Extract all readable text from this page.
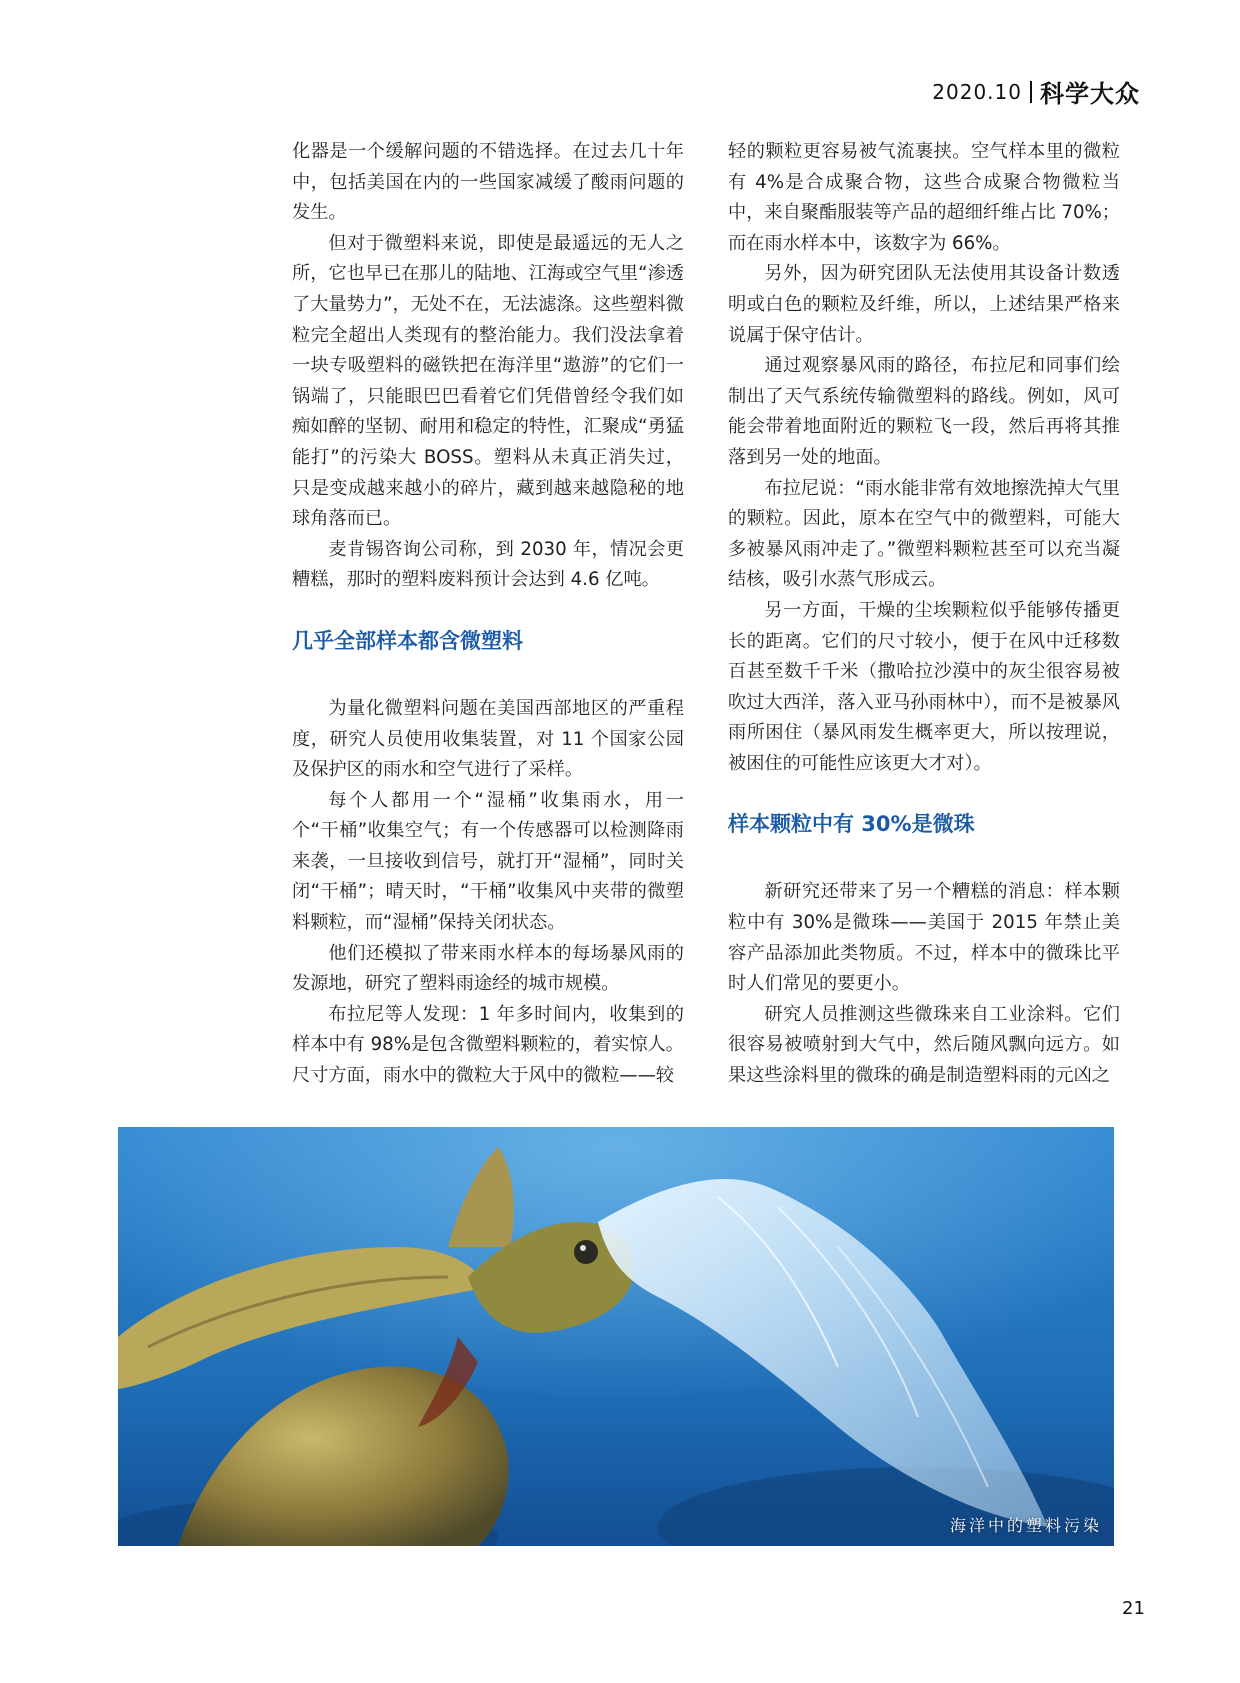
2020.10 科学大众

化器是一个缓解问题的不错选择。在过去几十年中，包括美国在内的一些国家减缓了酸雨问题的发生。

但对于微塑料来说，即使是最遥远的无人之所，它也早已在那儿的陆地、江海或空气里“渗透了大量势力”，无处不在，无法滤涤。这些塑料微粒完全超出人类现有的整治能力。我们没法拿着一块专吸塑料的磁铁把在海洋里“遨游”的它们一锅端了，只能眼巴巴看着它们凭借曾经令我们如痴如醉的坚韧、耐用和稳定的特性，汇聚成“勇猛能打”的污染大 BOSS。塑料从未真正消失过，只是变成越来越小的碎片，藏到越来越隐秘的地球角落而已。

麦肯锡咨询公司称，到 2030 年，情况会更糟糕，那时的塑料废料预计会达到 4.6 亿吨。

几乎全部样本都含微塑料

为量化微塑料问题在美国西部地区的严重程度，研究人员使用收集装置，对 11 个国家公园及保护区的雨水和空气进行了采样。

每个人都用一个“湿桶”收集雨水，用一个“干桶”收集空气；有一个传感器可以检测降雨来袭，一旦接收到信号，就打开“湿桶”，同时关闭“干桶”；晴天时，“干桶”收集风中夹带的微塑料颗粒，而“湿桶”保持关闭状态。

他们还模拟了带来雨水样本的每场暴风雨的发源地，研究了塑料雨途经的城市规模。

布拉尼等人发现：1 年多时间内，收集到的样本中有 98%是包含微塑料颗粒的，着实惊人。尺寸方面，雨水中的微粒大于风中的微粒——较

轻的颗粒更容易被气流裹挟。空气样本里的微粒有 4%是合成聚合物，这些合成聚合物微粒当中，来自聚酯服装等产品的超细纤维占比 70%；而在雨水样本中，该数字为 66%。

另外，因为研究团队无法使用其设备计数透明或白色的颗粒及纤维，所以，上述结果严格来说属于保守估计。

通过观察暴风雨的路径，布拉尼和同事们绘制出了天气系统传输微塑料的路线。例如，风可能会带着地面附近的颗粒飞一段，然后再将其推落到另一处的地面。

布拉尼说：“雨水能非常有效地擦洗掉大气里的颗粒。因此，原本在空气中的微塑料，可能大多被暴风雨冲走了。”微塑料颗粒甚至可以充当凝结核，吸引水蒸气形成云。

另一方面，干燥的尘埃颗粒似乎能够传播更长的距离。它们的尺寸较小，便于在风中迁移数百甚至数千千米（撒哈拉沙漠中的灰尘很容易被吹过大西洋，落入亚马孙雨林中），而不是被暴风雨所困住（暴风雨发生概率更大，所以按理说，被困住的可能性应该更大才对）。

样本颗粒中有 30%是微珠

新研究还带来了另一个糟糕的消息：样本颗粒中有 30%是微珠——美国于 2015 年禁止美容产品添加此类物质。不过，样本中的微珠比平时人们常见的要更小。

研究人员推测这些微珠来自工业涂料。它们很容易被喷射到大气中，然后随风飘向远方。如果这些涂料里的微珠的确是制造塑料雨的元凶之

海洋中的塑料污染
21
